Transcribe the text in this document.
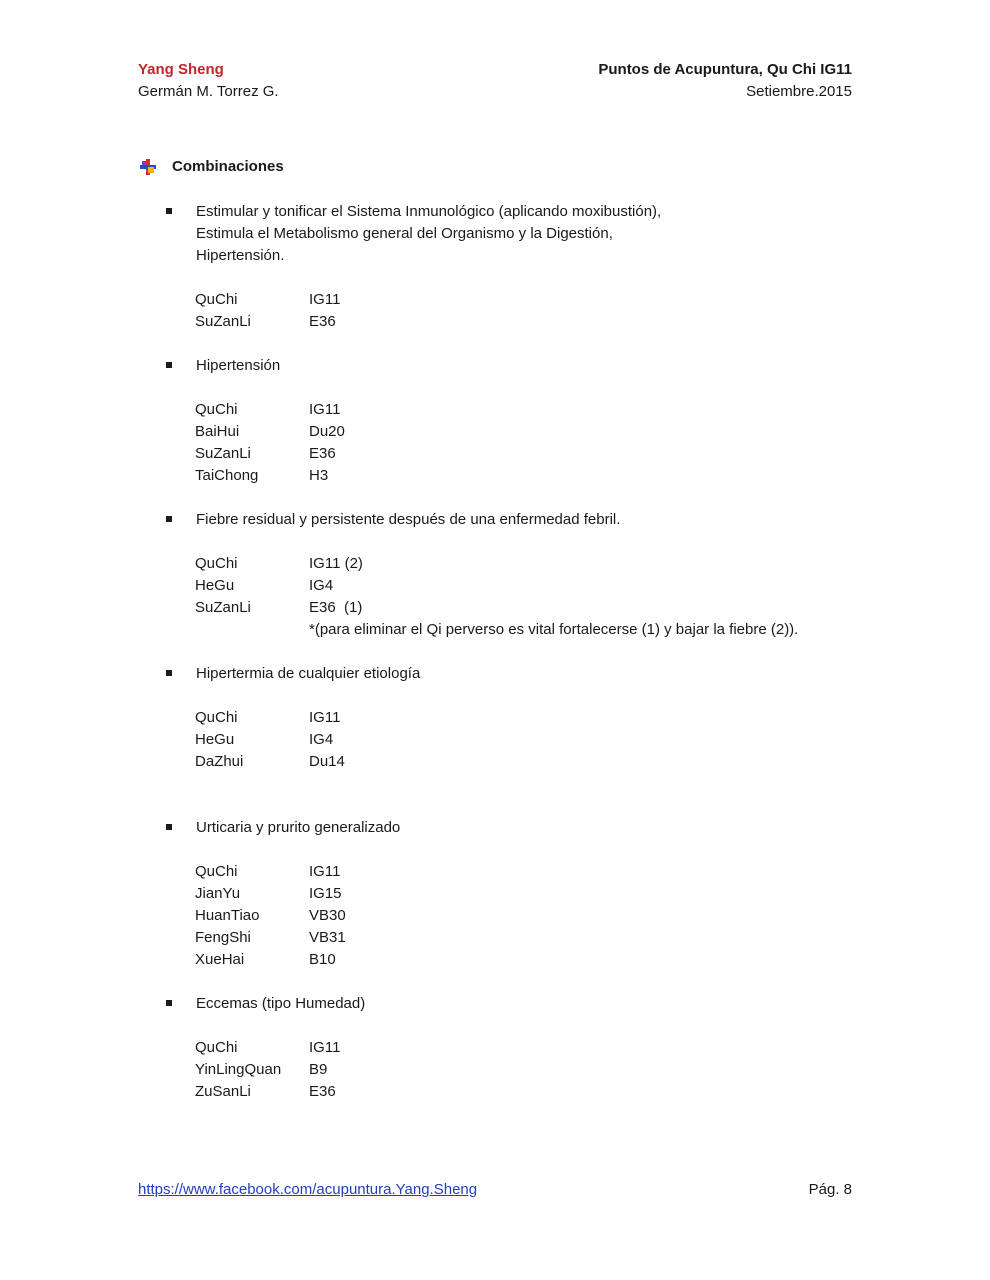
Yang Sheng
Germán M. Torrez G.
Puntos de Acupuntura, Qu Chi IG11
Setiembre.2015
Combinaciones
Estimular y tonificar el Sistema Inmunológico (aplicando moxibustión),
Estimula el Metabolismo general del Organismo y la Digestión,
Hipertensión.
QuChi	IG11
SuZanLi	E36
Hipertensión
QuChi	IG11
BaiHui	Du20
SuZanLi	E36
TaiChong	H3
Fiebre residual y persistente después de una enfermedad febril.
QuChi	IG11 (2)
HeGu	IG4
SuZanLi	E36  (1)
*(para eliminar el Qi perverso es vital fortalecerse (1) y bajar la fiebre (2)).
Hipertermia de cualquier etiología
QuChi	IG11
HeGu	IG4
DaZhui	Du14
Urticaria y prurito generalizado
QuChi	IG11
JianYu	IG15
HuanTiao	VB30
FengShi	VB31
XueHai	B10
Eccemas (tipo Humedad)
QuChi	IG11
YinLingQuan	B9
ZuSanLi	E36
https://www.facebook.com/acupuntura.Yang.Sheng	Pág. 8
